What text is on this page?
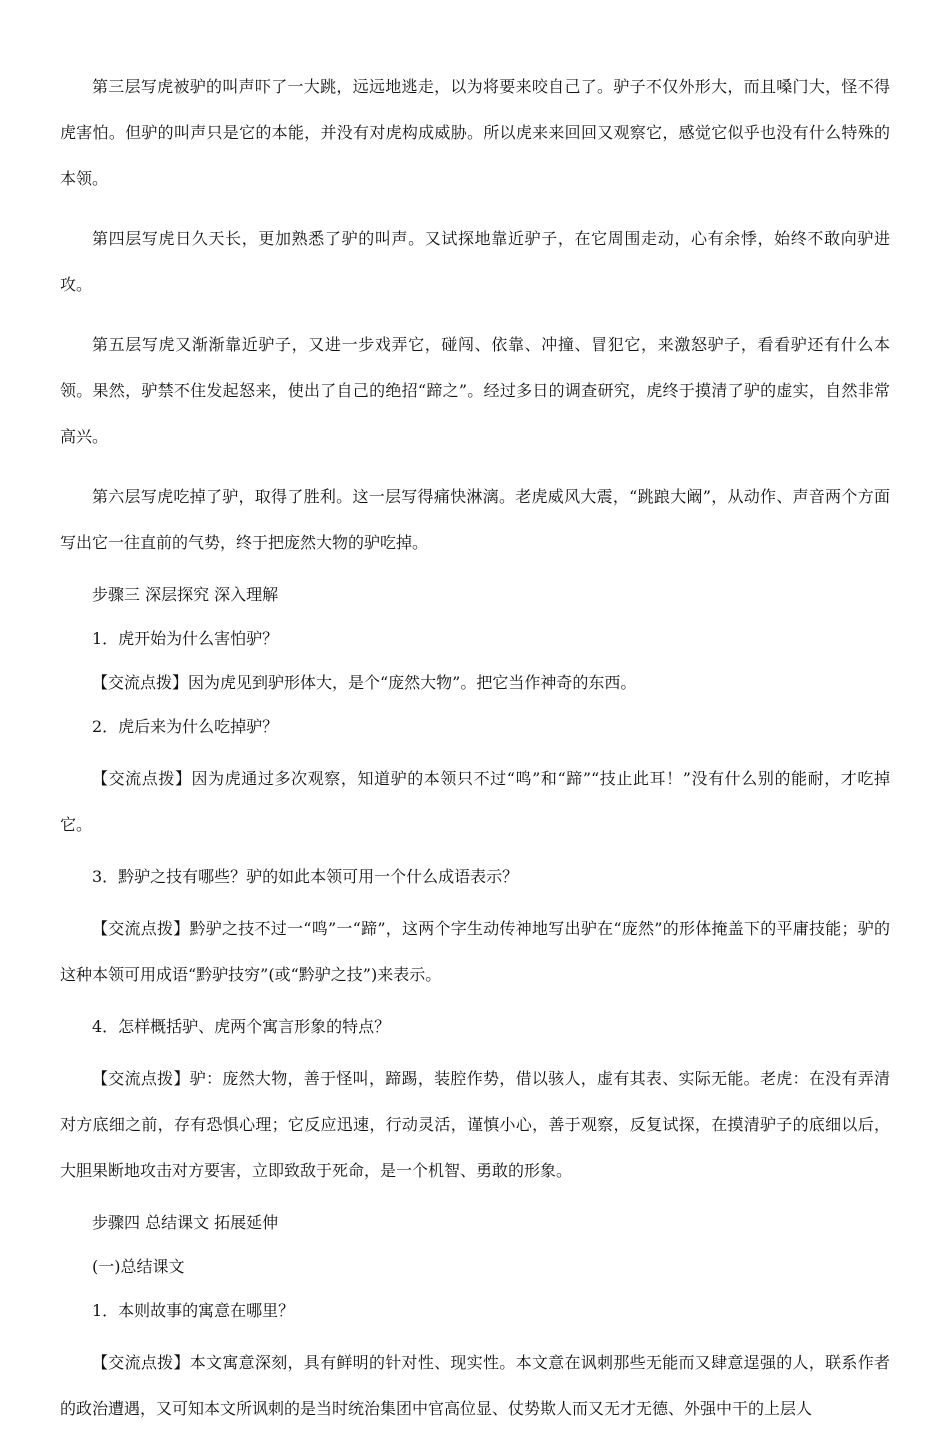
第三层写虎被驴的叫声吓了一大跳，远远地逃走，以为将要来咬自己了。驴子不仅外形大，而且嗓门大，怪不得虎害怕。但驴的叫声只是它的本能，并没有对虎构成威胁。所以虎来来回回又观察它，感觉它似乎也没有什么特殊的本领。

第四层写虎日久天长，更加熟悉了驴的叫声。又试探地靠近驴子，在它周围走动，心有余悸，始终不敢向驴进攻。

第五层写虎又渐渐靠近驴子，又进一步戏弄它，碰闯、依靠、冲撞、冒犯它，来激怒驴子，看看驴还有什么本领。果然，驴禁不住发起怒来，使出了自己的绝招“蹄之”。经过多日的调查研究，虎终于摸清了驴的虚实，自然非常高兴。

第六层写虎吃掉了驴，取得了胜利。这一层写得痛快淋漓。老虎威风大震，“跳踉大阚”，从动作、声音两个方面写出它一往直前的气势，终于把庞然大物的驴吃掉。

步骤三 深层探究 深入理解

1．虎开始为什么害怕驴？

【交流点拨】因为虎见到驴形体大，是个“庞然大物”。把它当作神奇的东西。

2．虎后来为什么吃掉驴？

【交流点拨】因为虎通过多次观察，知道驴的本领只不过“鸣”和“蹄”“技止此耳！”没有什么别的能耐，才吃掉它。

3．黔驴之技有哪些？驴的如此本领可用一个什么成语表示？

【交流点拨】黔驴之技不过一“鸣”一“蹄”，这两个字生动传神地写出驴在“庞然”的形体掩盖下的平庸技能；驴的这种本领可用成语“黔驴技穷”(或“黔驴之技”)来表示。

4．怎样概括驴、虎两个寓言形象的特点？

【交流点拨】驴：庞然大物，善于怪叫，蹄踢，装腔作势，借以骇人，虚有其表、实际无能。老虎：在没有弄清对方底细之前，存有恐惧心理；它反应迅速，行动灵活，谨慎小心，善于观察，反复试探，在摸清驴子的底细以后，大胆果断地攻击对方要害，立即致敌于死命，是一个机智、勇敢的形象。

步骤四 总结课文 拓展延伸

(一)总结课文

1．本则故事的寓意在哪里？

【交流点拨】本文寓意深刻，具有鲜明的针对性、现实性。本文意在讽刺那些无能而又肆意逞强的人，联系作者的政治遭遇，又可知本文所讽刺的是当时统治集团中官高位显、仗势欺人而又无才无德、外强中干的上层人
